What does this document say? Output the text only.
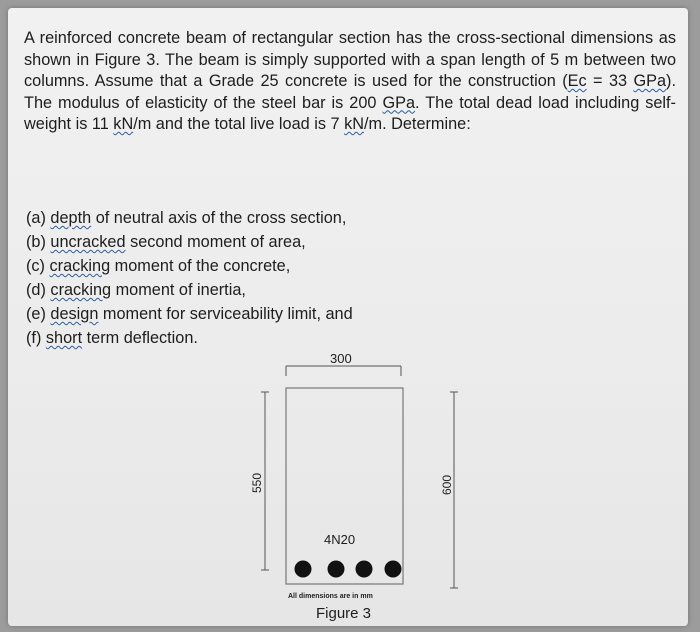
A reinforced concrete beam of rectangular section has the cross-sectional dimensions as shown in Figure 3. The beam is simply supported with a span length of 5 m between two columns. Assume that a Grade 25 concrete is used for the construction (Ec = 33 GPa). The modulus of elasticity of the steel bar is 200 GPa. The total dead load including self-weight is 11 kN/m and the total live load is 7 kN/m. Determine:

(a) depth of neutral axis of the cross section,
(b) uncracked second moment of area,
(c) cracking moment of the concrete,
(d) cracking moment of inertia,
(e) design moment for serviceability limit, and
(f) short term deflection.
300
550	600
4N20
All dimensions are in mm
Figure 3
